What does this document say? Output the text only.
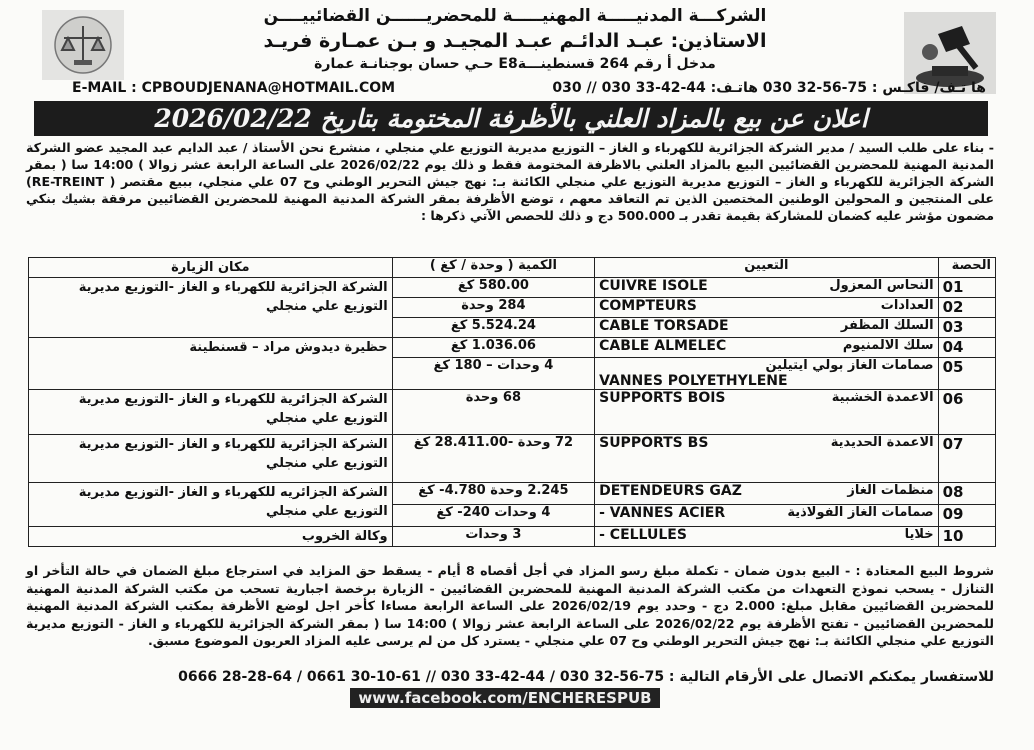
الشركـــة المدنيـــــة المهنيـــــة للمحضريــــــن القضائييــــن
الاستاذين: عبـد الدائـم عبـد المجيـد و بـن عمـارة فريـد
مدخل أ رقم 264 قسنطينـــةE8 حـي حسان بوجنانـة عمارة
E-MAIL : CPBOUDJENANA@HOTMAIL.COM	ها تـف/ فاكـس : 75-56-32 030 هاتـف: 44-42-33 030 // 030
اعلان عن بيع بالمزاد العلني بالأظرفة المختومة بتاريخ 2026/02/22
- بناء على طلب السيد / مدير الشركة الجزائرية للكهرباء و الغاز – التوزيع مديرية التوزيع علي منجلي ، منشرع نحن الأستاذ / عبد الدايم عبد المجيد عضو الشركة المدنية المهنية للمحضرين القضائيين البيع بالمزاد العلني بالاظرفة المختومة فقط و ذلك يوم 2026/02/22 على الساعة الرابعة عشر زوالا ) 14:00 سا ( بمقر الشركة الجزائرية للكهرباء و الغاز – التوزيع مديرية التوزيع علي منجلي الكائنة بـ: نهج جيش التحرير الوطني وح 07 علي منجلي، ببيع مقتصر ( RE-TREINT) على المنتجين و المحولين الوطنين المختصين الذين تم التعاقد معهم ، توضع الأظرفة بمقر الشركة المدنية المهنية للمحضرين القضائيين مرفقة بشيك بنكي مضمون مؤشر عليه كضمان للمشاركة بقيمة تقدر بـ 500.000 دج و ذلك للحصص الآتي ذكرها :
الحصة	التعيين	الكمية ( وحدة / كغ )	مكان الزيارة
01	النحاس المعزول
CUIVRE ISOLE	580.00 كغ	الشركة الجزائرية للكهرباء و الغاز -التوزيع مديرية التوزيع علي منجلي
02	العدادات
COMPTEURS	284 وحدة	
03	السلك المظفر
CABLE TORSADE	5.524.24 كغ	
04	سلك الالمنيوم
CABLE ALMELEC	1.036.06 كغ	حظيرة ديدوش مراد – قسنطينة
05	صمامات الغاز بولي ايتيلين
VANNES POLYETHYLENE	4 وحدات – 180 كغ	
06	الاعمدة الخشبية
SUPPORTS BOIS	68 وحدة	الشركة الجزائرية للكهرباء و الغاز -التوزيع مديرية التوزيع علي منجلي
07	الاعمدة الحديدية
SUPPORTS BS	72 وحدة -28.411.00 كغ	الشركة الجزائرية للكهرباء و الغاز -التوزيع مديرية التوزيع علي منجلي
08	منظمات الغاز
DETENDEURS GAZ	2.245 وحدة 4.780- كغ	الشركة الجزائريه للكهرباء و الغاز -التوزيع مديرية التوزيع علي منجلي
09	صمامات الغاز الفولاذية
VANNES ACIER -	4 وحدات 240- كغ	
10	خلايا
CELLULES -	3 وحدات	وكالة الخروب
شروط البيع المعتادة : - البيع بدون ضمان - تكملة مبلغ رسو المزاد في أجل أقصاه 8 أيام - يسقط حق المزايد في استرجاع مبلغ الضمان في حالة التأخر او التنازل - يسحب نموذج التعهدات من مكتب الشركة المدنية المهنية للمحضرين القضائيين - الزيارة برخصة اجبارية تسحب من مكتب الشركة المدنية المهنية للمحضرين القضائيين مقابل مبلغ: 2.000 دج - وحدد يوم 2026/02/19 على الساعة الرابعة مساءا كأخر اجل لوضع الأظرفة بمكتب الشركة المدنية المهنية للمحضرين القضائيين - تفتح الأظرفة يوم 2026/02/22 على الساعة الرابعة عشر زوالا ) 14:00 سا ( بمقر الشركة الجزائرية للكهرباء و الغاز - التوزيع مديرية التوزيع علي منجلي الكائنة بـ: نهج جيش التحرير الوطني وح 07 علي منجلي - يسترد كل من لم يرسى عليه المزاد العربون الموضوع مسبق.
للاستفسار يمكنكم الاتصال على الأرقام التالية : 75-56-32 030 / 44-42-33 030 // 61-10-30 0661 / 64-28-28 0666
www.facebook.com/ENCHERESPUB
